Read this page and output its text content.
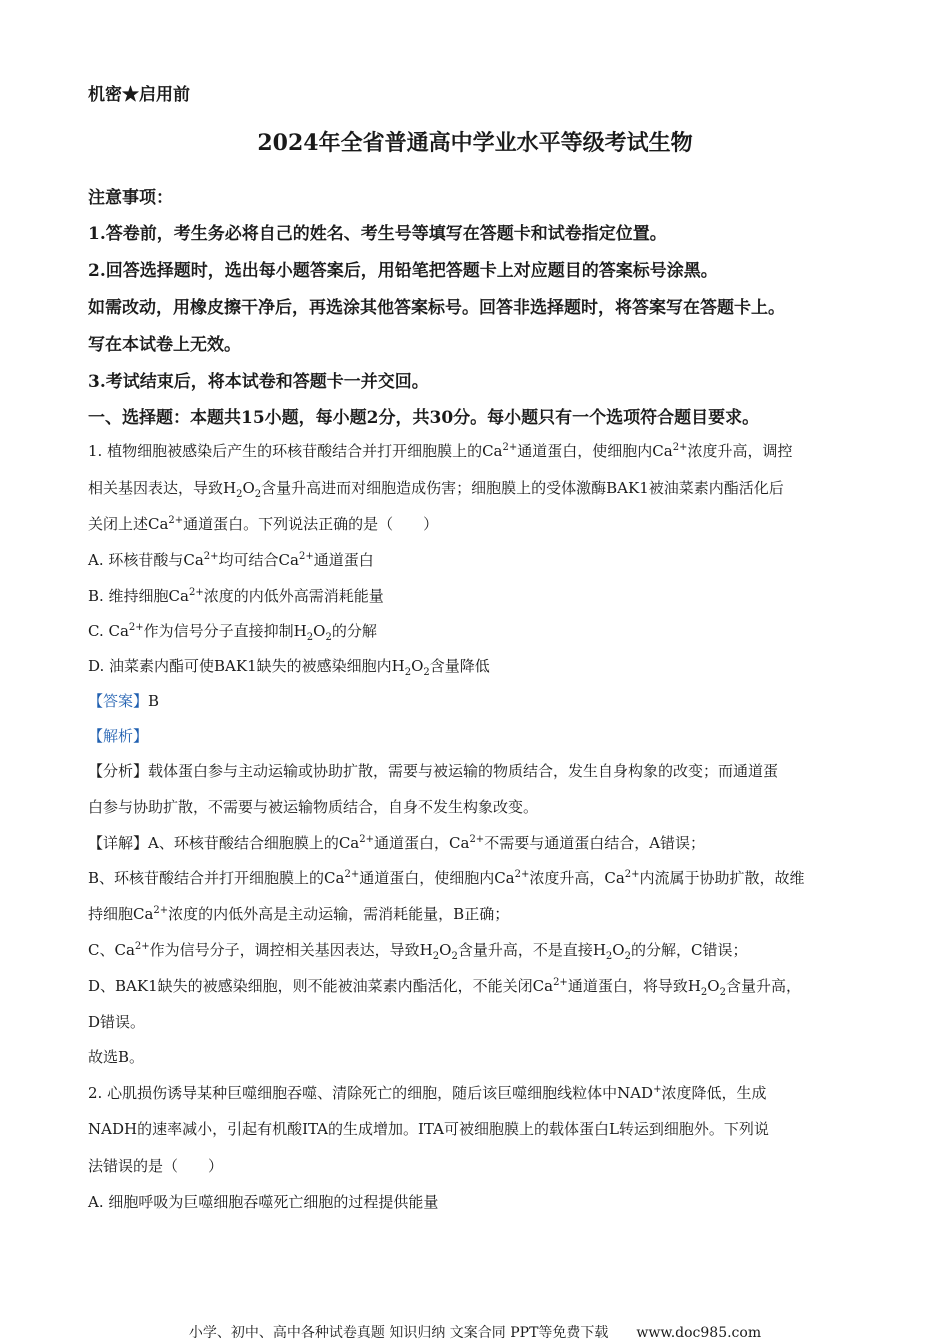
机密★启用前
2024年全省普通高中学业水平等级考试生物
注意事项：
1.答卷前，考生务必将自己的姓名、考生号等填写在答题卡和试卷指定位置。
2.回答选择题时，选出每小题答案后，用铅笔把答题卡上对应题目的答案标号涂黑。
如需改动，用橡皮擦干净后，再选涂其他答案标号。回答非选择题时，将答案写在答题卡上。
写在本试卷上无效。
3.考试结束后，将本试卷和答题卡一并交回。
一、选择题：本题共15小题，每小题2分，共30分。每小题只有一个选项符合题目要求。
1. 植物细胞被感染后产生的环核苷酸结合并打开细胞膜上的$Ca^{2+}$通道蛋白，使细胞内$Ca^{2+}$浓度升高，调控
相关基因表达，导致$H_2O_2$含量升高进而对细胞造成伤害；细胞膜上的受体激酶BAK1被油菜素内酯活化后
关闭上述$Ca^{2+}$通道蛋白。下列说法正确的是（　　）
A. 环核苷酸与$Ca^{2+}$均可结合$Ca^{2+}$通道蛋白
B. 维持细胞$Ca^{2+}$浓度的内低外高需消耗能量
C. $Ca^{2+}$作为信号分子直接抑制$H_2O_2$的分解
D. 油菜素内酯可使BAK1缺失的被感染细胞内$H_2O_2$含量降低
【答案】B
【解析】
【分析】载体蛋白参与主动运输或协助扩散，需要与被运输的物质结合，发生自身构象的改变；而通道蛋
白参与协助扩散，不需要与被运输物质结合，自身不发生构象改变。
【详解】A、环核苷酸结合细胞膜上的$Ca^{2+}$通道蛋白，$Ca^{2+}$不需要与通道蛋白结合，A错误；
B、环核苷酸结合并打开细胞膜上的$Ca^{2+}$通道蛋白，使细胞内$Ca^{2+}$浓度升高，$Ca^{2+}$内流属于协助扩散，故维
持细胞$Ca^{2+}$浓度的内低外高是主动运输，需消耗能量，B正确；
C、$Ca^{2+}$作为信号分子，调控相关基因表达，导致$H_2O_2$含量升高，不是直接$H_2O_2$的分解，C错误；
D、BAK1缺失的被感染细胞，则不能被油菜素内酯活化，不能关闭$Ca^{2+}$通道蛋白，将导致$H_2O_2$含量升高，
D错误。
故选B。
2. 心肌损伤诱导某种巨噬细胞吞噬、清除死亡的细胞，随后该巨噬细胞线粒体中NAD+浓度降低，生成
NADH的速率减小，引起有机酸ITA的生成增加。ITA可被细胞膜上的载体蛋白L转运到细胞外。下列说
法错误的是（　　）
A. 细胞呼吸为巨噬细胞吞噬死亡细胞的过程提供能量
小学、初中、高中各种试卷真题 知识归纳 文案合同 PPT等免费下载　　www.doc985.com
